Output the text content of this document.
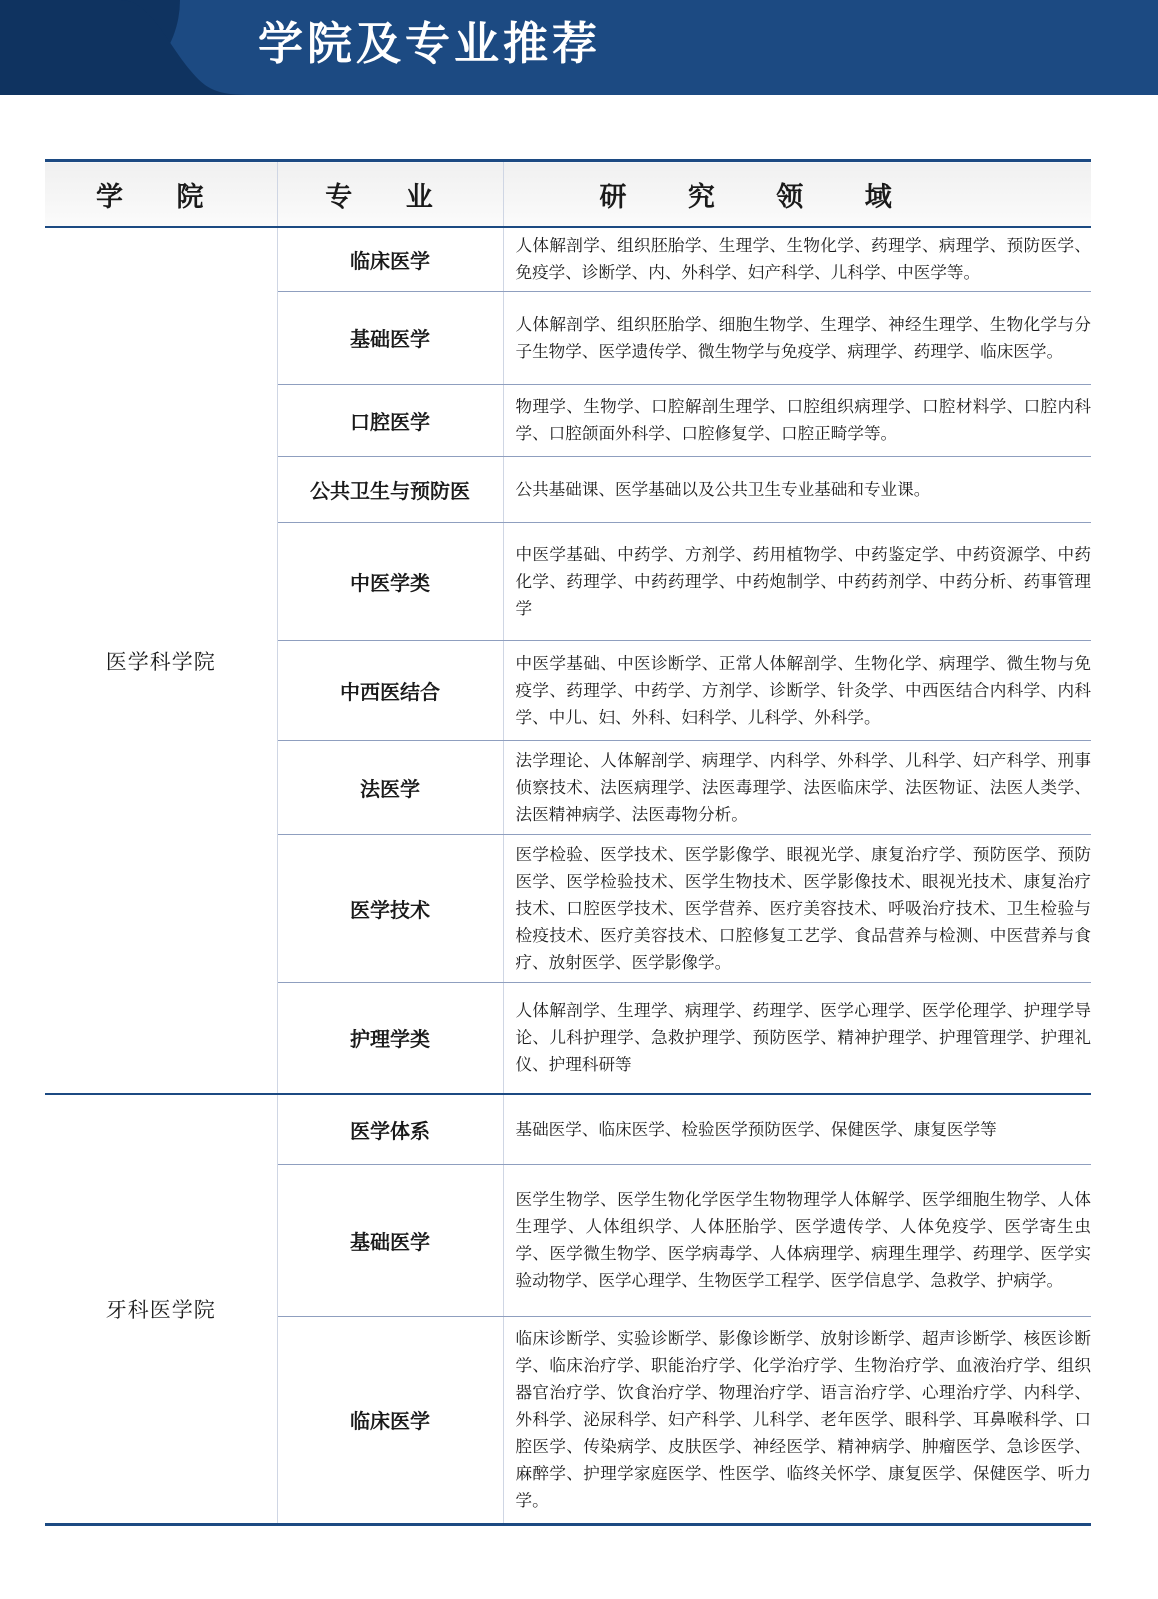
学院及专业推荐
学 院	专 业	研 究 领 域
医学科学院	临床医学	人体解剖学、组织胚胎学、生理学、生物化学、药理学、病理学、预防医学、免疫学、诊断学、内、外科学、妇产科学、儿科学、中医学等。
	基础医学	人体解剖学、组织胚胎学、细胞生物学、生理学、神经生理学、生物化学与分子生物学、医学遗传学、微生物学与免疫学、病理学、药理学、临床医学。
	口腔医学	物理学、生物学、口腔解剖生理学、口腔组织病理学、口腔材料学、口腔内科学、口腔颌面外科学、口腔修复学、口腔正畸学等。
	公共卫生与预防医	公共基础课、医学基础以及公共卫生专业基础和专业课。
	中医学类	中医学基础、中药学、方剂学、药用植物学、中药鉴定学、中药资源学、中药化学、药理学、中药药理学、中药炮制学、中药药剂学、中药分析、药事管理学
	中西医结合	中医学基础、中医诊断学、正常人体解剖学、生物化学、病理学、微生物与免疫学、药理学、中药学、方剂学、诊断学、针灸学、中西医结合内科学、内科学、中儿、妇、外科、妇科学、儿科学、外科学。
	法医学	法学理论、人体解剖学、病理学、内科学、外科学、儿科学、妇产科学、刑事侦察技术、法医病理学、法医毒理学、法医临床学、法医物证、法医人类学、法医精神病学、法医毒物分析。
	医学技术	医学检验、医学技术、医学影像学、眼视光学、康复治疗学、预防医学、预防医学、医学检验技术、医学生物技术、医学影像技术、眼视光技术、康复治疗技术、口腔医学技术、医学营养、医疗美容技术、呼吸治疗技术、卫生检验与检疫技术、医疗美容技术、口腔修复工艺学、食品营养与检测、中医营养与食疗、放射医学、医学影像学。
	护理学类	人体解剖学、生理学、病理学、药理学、医学心理学、医学伦理学、护理学导论、儿科护理学、急救护理学、预防医学、精神护理学、护理管理学、护理礼仪、护理科研等
牙科医学院	医学体系	基础医学、临床医学、检验医学预防医学、保健医学、康复医学等
	基础医学	医学生物学、医学生物化学医学生物物理学人体解学、医学细胞生物学、人体生理学、人体组织学、人体胚胎学、医学遗传学、人体免疫学、医学寄生虫学、医学微生物学、医学病毒学、人体病理学、病理生理学、药理学、医学实验动物学、医学心理学、生物医学工程学、医学信息学、急救学、护病学。
	临床医学	临床诊断学、实验诊断学、影像诊断学、放射诊断学、超声诊断学、核医诊断学、临床治疗学、职能治疗学、化学治疗学、生物治疗学、血液治疗学、组织器官治疗学、饮食治疗学、物理治疗学、语言治疗学、心理治疗学、内科学、外科学、泌尿科学、妇产科学、儿科学、老年医学、眼科学、耳鼻喉科学、口腔医学、传染病学、皮肤医学、神经医学、精神病学、肿瘤医学、急诊医学、麻醉学、护理学家庭医学、性医学、临终关怀学、康复医学、保健医学、听力学。
